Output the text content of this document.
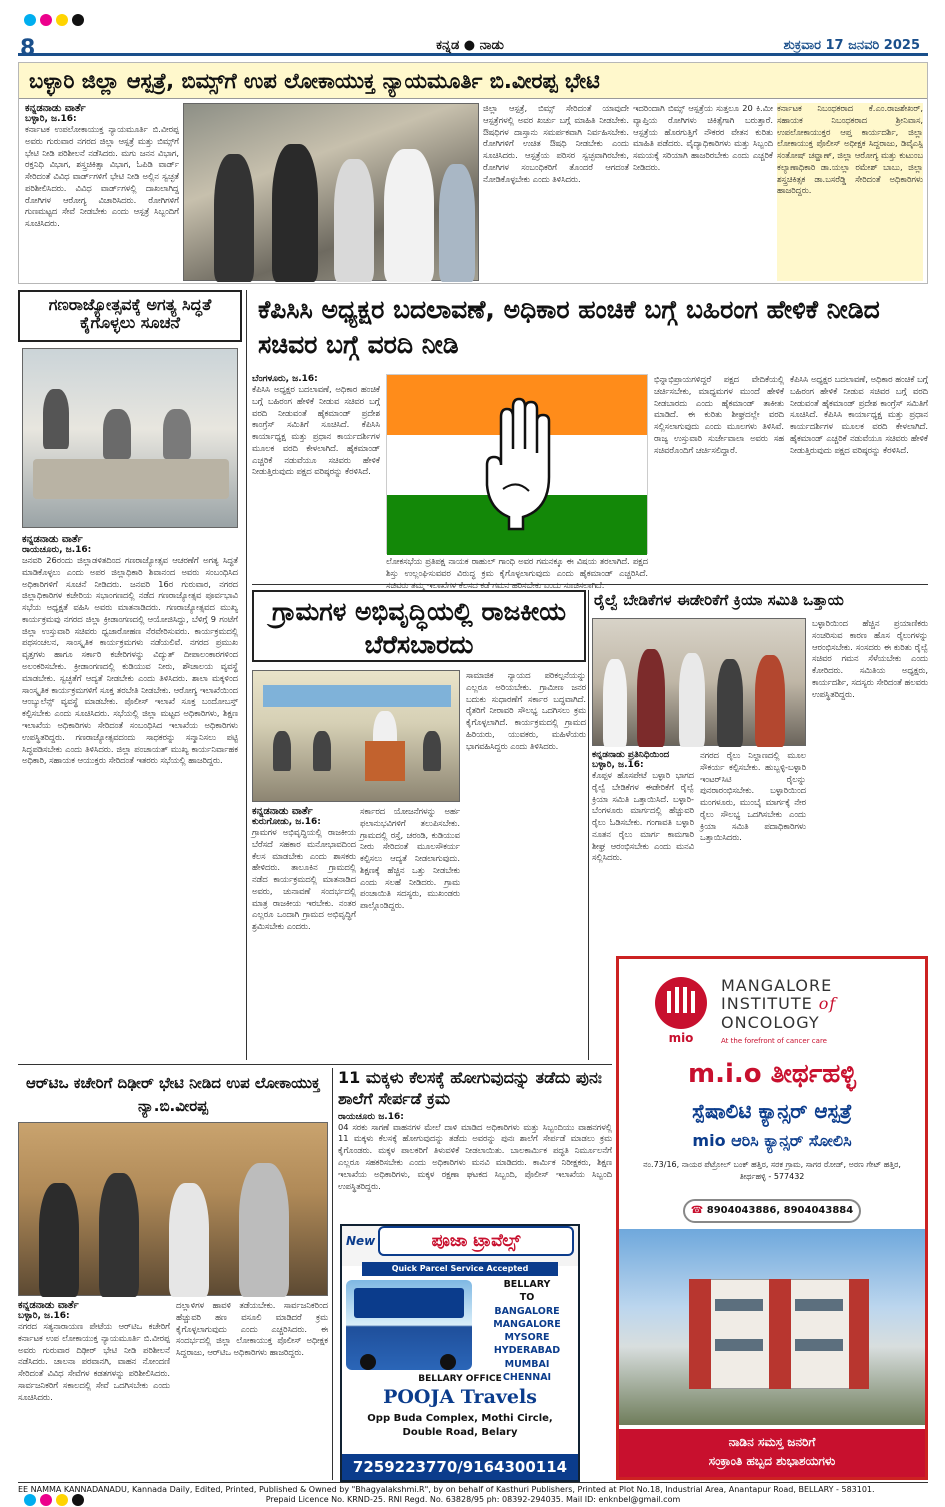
8	ಕನ್ನಡ ● ನಾಡು	ಶುಕ್ರವಾರ 17 ಜನವರಿ 2025
ಬಳ್ಳಾರಿ ಜಿಲ್ಲಾ ಆಸ್ಪತ್ರೆ, ಬಿಮ್ಸ್‌ಗೆ ಉಪ ಲೋಕಾಯುಕ್ತ ನ್ಯಾಯಮೂರ್ತಿ ಬಿ.ವೀರಪ್ಪ ಭೇಟಿ
ಕನ್ನಡನಾಡು ವಾರ್ತೆ
ಬಳ್ಳಾರಿ, ಜ.16:
ಕರ್ನಾಟಕ ಉಪಲೋಕಾಯುಕ್ತ ನ್ಯಾಯಮೂರ್ತಿ ಬಿ.ವೀರಪ್ಪ ಅವರು ಗುರುವಾರ ನಗರದ ಜಿಲ್ಲಾ ಆಸ್ಪತ್ರೆ ಮತ್ತು ಬಿಮ್ಸ್‌ಗೆ ಭೇಟಿ ನೀಡಿ ಪರಿಶೀಲನೆ ನಡೆಸಿದರು. ಮಗು ಜನನ ವಿಭಾಗ, ರಕ್ತನಿಧಿ ವಿಭಾಗ, ಶಸ್ತ್ರಚಿಕಿತ್ಸಾ ವಿಭಾಗ, ಓಪಿಡಿ ವಾರ್ಡ್ ಸೇರಿದಂತೆ ವಿವಿಧ ವಾರ್ಡ್‌ಗಳಿಗೆ ಭೇಟಿ ನೀಡಿ ಅಲ್ಲಿನ ಸ್ವಚ್ಛತೆ ಪರಿಶೀಲಿಸಿದರು. ವಿವಿಧ ವಾರ್ಡ್‌ಗಳಲ್ಲಿ ದಾಖಲಾಗಿದ್ದ ರೋಗಿಗಳ ಆರೋಗ್ಯ ವಿಚಾರಿಸಿದರು. ರೋಗಿಗಳಿಗೆ ಗುಣಮಟ್ಟದ ಸೇವೆ ನೀಡಬೇಕು ಎಂದು ಆಸ್ಪತ್ರೆ ಸಿಬ್ಬಂದಿಗೆ ಸೂಚಿಸಿದರು.
ಜಿಲ್ಲಾ ಆಸ್ಪತ್ರೆ, ಬಿಮ್ಸ್ ಸೇರಿದಂತೆ ಯಾವುದೇ ಆಸ್ಪತ್ರೆಗಳಲ್ಲಿ ಅವರ ಖರ್ಚು ಬಗ್ಗೆ ಮಾಹಿತಿ ನೀಡಬೇಕು. ಔಷಧಿಗಳ ದಾಸ್ತಾನು ಸಮರ್ಪಕವಾಗಿ ನಿರ್ವಹಿಸಬೇಕು. ರೋಗಿಗಳಿಗೆ ಉಚಿತ ಔಷಧಿ ನೀಡಬೇಕು ಎಂದು ಸೂಚಿಸಿದರು. ಆಸ್ಪತ್ರೆಯ ಪರಿಸರ ಸ್ವಚ್ಛವಾಗಿರಬೇಕು, ರೋಗಿಗಳ ಸಂಬಂಧಿಕರಿಗೆ ತೊಂದರೆ ಆಗದಂತೆ ನೋಡಿಕೊಳ್ಳಬೇಕು ಎಂದು ತಿಳಿಸಿದರು.
ಇದರಿಂದಾಗಿ ಬಿಮ್ಸ್ ಆಸ್ಪತ್ರೆಯ ಸುತ್ತಲೂ 20 ಕಿ.ಮೀ ವ್ಯಾಪ್ತಿಯ ರೋಗಿಗಳು ಚಿಕಿತ್ಸೆಗಾಗಿ ಬರುತ್ತಾರೆ. ಆಸ್ಪತ್ರೆಯ ಹೊರಗುತ್ತಿಗೆ ನೌಕರರ ವೇತನ ಕುರಿತು ಮಾಹಿತಿ ಪಡೆದರು. ವೈದ್ಯಾಧಿಕಾರಿಗಳು ಮತ್ತು ಸಿಬ್ಬಂದಿ ಸಮಯಕ್ಕೆ ಸರಿಯಾಗಿ ಹಾಜರಿರಬೇಕು ಎಂದು ಎಚ್ಚರಿಕೆ ನೀಡಿದರು.
ಕರ್ನಾಟಕ ನಿಬಂಧಕರಾದ ಕೆ.ಎಂ.ರಾಜಶೇಖರ್, ಸಹಾಯಕ ನಿಬಂಧಕರಾದ ಶ್ರೀನಿವಾಸ, ಉಪಲೋಕಾಯುಕ್ತರ ಆಪ್ತ ಕಾರ್ಯದರ್ಶಿ, ಜಿಲ್ಲಾ ಲೋಕಾಯುಕ್ತ ಪೊಲೀಸ್ ಅಧೀಕ್ಷಕ ಸಿದ್ದರಾಜು, ಡಿವೈಎಸ್ಪಿ ಸಂತೋಷ್ ಚವ್ಹಾಣ್, ಜಿಲ್ಲಾ ಆರೋಗ್ಯ ಮತ್ತು ಕುಟುಂಬ ಕಲ್ಯಾಣಾಧಿಕಾರಿ ಡಾ.ಯಲ್ಲಾ ರಮೇಶ್ ಬಾಬು, ಜಿಲ್ಲಾ ಶಸ್ತ್ರಚಿಕಿತ್ಸಕ ಡಾ.ಬಸರೆಡ್ಡಿ ಸೇರಿದಂತೆ ಅಧಿಕಾರಿಗಳು ಹಾಜರಿದ್ದರು.
ಗಣರಾಜ್ಯೋತ್ಸವಕ್ಕೆ ಅಗತ್ಯ ಸಿದ್ಧತೆ ಕೈಗೊಳ್ಳಲು ಸೂಚನೆ
ಕನ್ನಡನಾಡು ವಾರ್ತೆ
ರಾಯಚೂರು, ಜ.16:
ಜನವರಿ 26ರಂದು ಜಿಲ್ಲಾಡಳಿತದಿಂದ ಗಣರಾಜ್ಯೋತ್ಸವ ಆಚರಣೆಗೆ ಅಗತ್ಯ ಸಿದ್ಧತೆ ಮಾಡಿಕೊಳ್ಳಲು ಎಂದು ಅಪರ ಜಿಲ್ಲಾಧಿಕಾರಿ ಶಿವಾನಂದ ಅವರು ಸಂಬಂಧಿಸಿದ ಅಧಿಕಾರಿಗಳಿಗೆ ಸೂಚನೆ ನೀಡಿದರು. ಜನವರಿ 16ರ ಗುರುವಾರ, ನಗರದ ಜಿಲ್ಲಾಧಿಕಾರಿಗಳ ಕಚೇರಿಯ ಸಭಾಂಗಣದಲ್ಲಿ ನಡೆದ ಗಣರಾಜ್ಯೋತ್ಸವ ಪೂರ್ವಭಾವಿ ಸಭೆಯ ಅಧ್ಯಕ್ಷತೆ ವಹಿಸಿ ಅವರು ಮಾತನಾಡಿದರು. ಗಣರಾಜ್ಯೋತ್ಸವದ ಮುಖ್ಯ ಕಾರ್ಯಕ್ರಮವು ನಗರದ ಜಿಲ್ಲಾ ಕ್ರೀಡಾಂಗಣದಲ್ಲಿ ಆಯೋಜಿಸಿದ್ದು, ಬೆಳಿಗ್ಗೆ 9 ಗಂಟೆಗೆ ಜಿಲ್ಲಾ ಉಸ್ತುವಾರಿ ಸಚಿವರು ಧ್ವಜಾರೋಹಣ ನೆರವೇರಿಸುವರು. ಕಾರ್ಯಕ್ರಮದಲ್ಲಿ ಪಥಸಂಚಲನ, ಸಾಂಸ್ಕೃತಿಕ ಕಾರ್ಯಕ್ರಮಗಳು ನಡೆಯಲಿವೆ. ನಗರದ ಪ್ರಮುಖ ವೃತ್ತಗಳು ಹಾಗೂ ಸರ್ಕಾರಿ ಕಚೇರಿಗಳನ್ನು ವಿದ್ಯುತ್ ದೀಪಾಲಂಕಾರಗಳಿಂದ ಅಲಂಕರಿಸಬೇಕು. ಕ್ರೀಡಾಂಗಣದಲ್ಲಿ ಕುಡಿಯುವ ನೀರು, ಶೌಚಾಲಯ ವ್ಯವಸ್ಥೆ ಮಾಡಬೇಕು. ಸ್ವಚ್ಛತೆಗೆ ಆದ್ಯತೆ ನೀಡಬೇಕು ಎಂದು ತಿಳಿಸಿದರು. ಶಾಲಾ ಮಕ್ಕಳಿಂದ ಸಾಂಸ್ಕೃತಿಕ ಕಾರ್ಯಕ್ರಮಗಳಿಗೆ ಸೂಕ್ತ ತರಬೇತಿ ನೀಡಬೇಕು. ಆರೋಗ್ಯ ಇಲಾಖೆಯಿಂದ ಆಂಬ್ಯುಲೆನ್ಸ್ ವ್ಯವಸ್ಥೆ ಮಾಡಬೇಕು. ಪೊಲೀಸ್ ಇಲಾಖೆ ಸೂಕ್ತ ಬಂದೋಬಸ್ತ್ ಕಲ್ಪಿಸಬೇಕು ಎಂದು ಸೂಚಿಸಿದರು. ಸಭೆಯಲ್ಲಿ ಜಿಲ್ಲಾ ಮಟ್ಟದ ಅಧಿಕಾರಿಗಳು, ಶಿಕ್ಷಣ ಇಲಾಖೆಯ ಅಧಿಕಾರಿಗಳು ಸೇರಿದಂತೆ ಸಂಬಂಧಿಸಿದ ಇಲಾಖೆಯ ಅಧಿಕಾರಿಗಳು ಉಪಸ್ಥಿತರಿದ್ದರು. ಗಣರಾಜ್ಯೋತ್ಸವದಂದು ಸಾಧಕರನ್ನು ಸನ್ಮಾನಿಸಲು ಪಟ್ಟಿ ಸಿದ್ಧಪಡಿಸಬೇಕು ಎಂದು ತಿಳಿಸಿದರು. ಜಿಲ್ಲಾ ಪಂಚಾಯತ್ ಮುಖ್ಯ ಕಾರ್ಯನಿರ್ವಾಹಕ ಅಧಿಕಾರಿ, ಸಹಾಯಕ ಆಯುಕ್ತರು ಸೇರಿದಂತೆ ಇತರರು ಸಭೆಯಲ್ಲಿ ಹಾಜರಿದ್ದರು.
ಕೆಪಿಸಿಸಿ ಅಧ್ಯಕ್ಷರ ಬದಲಾವಣೆ, ಅಧಿಕಾರ ಹಂಚಿಕೆ ಬಗ್ಗೆ ಬಹಿರಂಗ ಹೇಳಿಕೆ ನೀಡಿದ ಸಚಿವರ ಬಗ್ಗೆ ವರದಿ ನೀಡಿ
ಬೆಂಗಳೂರು, ಜ.16:
ಕೆಪಿಸಿಸಿ ಅಧ್ಯಕ್ಷರ ಬದಲಾವಣೆ, ಅಧಿಕಾರ ಹಂಚಿಕೆ ಬಗ್ಗೆ ಬಹಿರಂಗ ಹೇಳಿಕೆ ನೀಡುವ ಸಚಿವರ ಬಗ್ಗೆ ವರದಿ ನೀಡುವಂತೆ ಹೈಕಮಾಂಡ್ ಪ್ರದೇಶ ಕಾಂಗ್ರೆಸ್ ಸಮಿತಿಗೆ ಸೂಚಿಸಿದೆ. ಕೆಪಿಸಿಸಿ ಕಾರ್ಯಾಧ್ಯಕ್ಷ ಮತ್ತು ಪ್ರಧಾನ ಕಾರ್ಯದರ್ಶಿಗಳ ಮೂಲಕ ವರದಿ ಕೇಳಲಾಗಿದೆ. ಹೈಕಮಾಂಡ್ ಎಚ್ಚರಿಕೆ ನಡುವೆಯೂ ಸಚಿವರು ಹೇಳಿಕೆ ನೀಡುತ್ತಿರುವುದು ಪಕ್ಷದ ವರಿಷ್ಠರನ್ನು ಕೆರಳಿಸಿದೆ.
ಲೋಕಸಭೆಯ ಪ್ರತಿಪಕ್ಷ ನಾಯಕ ರಾಹುಲ್ ಗಾಂಧಿ ಅವರ ಗಮನಕ್ಕೂ ಈ ವಿಷಯ ತರಲಾಗಿದೆ. ಪಕ್ಷದ ಶಿಸ್ತು ಉಲ್ಲಂಘಿಸುವವರ ವಿರುದ್ಧ ಕ್ರಮ ಕೈಗೊಳ್ಳಲಾಗುವುದು ಎಂದು ಹೈಕಮಾಂಡ್ ಎಚ್ಚರಿಸಿದೆ.
ಭಿನ್ನಾಭಿಪ್ರಾಯಗಳಿದ್ದರೆ ಪಕ್ಷದ ವೇದಿಕೆಯಲ್ಲಿ ಚರ್ಚಿಸಬೇಕು, ಮಾಧ್ಯಮಗಳ ಮುಂದೆ ಹೇಳಿಕೆ ನೀಡಬಾರದು ಎಂದು ಹೈಕಮಾಂಡ್ ತಾಕೀತು ಮಾಡಿದೆ. ಈ ಕುರಿತು ಶೀಘ್ರದಲ್ಲೇ ವರದಿ ಸಲ್ಲಿಸಲಾಗುವುದು ಎಂದು ಮೂಲಗಳು ತಿಳಿಸಿವೆ. ರಾಜ್ಯ ಉಸ್ತುವಾರಿ ಸುರ್ಜೇವಾಲಾ ಅವರು ಸಹ ಸಚಿವರೊಂದಿಗೆ ಚರ್ಚಿಸಲಿದ್ದಾರೆ.
ಕೆಪಿಸಿಸಿ ಅಧ್ಯಕ್ಷರ ಬದಲಾವಣೆ, ಅಧಿಕಾರ ಹಂಚಿಕೆ ಬಗ್ಗೆ ಬಹಿರಂಗ ಹೇಳಿಕೆ ನೀಡುವ ಸಚಿವರ ಬಗ್ಗೆ ವರದಿ ನೀಡುವಂತೆ ಹೈಕಮಾಂಡ್ ಪ್ರದೇಶ ಕಾಂಗ್ರೆಸ್ ಸಮಿತಿಗೆ ಸೂಚಿಸಿದೆ. ಕೆಪಿಸಿಸಿ ಕಾರ್ಯಾಧ್ಯಕ್ಷ ಮತ್ತು ಪ್ರಧಾನ ಕಾರ್ಯದರ್ಶಿಗಳ ಮೂಲಕ ವರದಿ ಕೇಳಲಾಗಿದೆ. ಹೈಕಮಾಂಡ್ ಎಚ್ಚರಿಕೆ ನಡುವೆಯೂ ಸಚಿವರು ಹೇಳಿಕೆ ನೀಡುತ್ತಿರುವುದು ಪಕ್ಷದ ವರಿಷ್ಠರನ್ನು ಕೆರಳಿಸಿದೆ.
ಗ್ರಾಮಗಳ ಅಭಿವೃದ್ಧಿಯಲ್ಲಿ ರಾಜಕೀಯ ಬೆರೆಸಬಾರದು
ಕನ್ನಡನಾಡು ವಾರ್ತೆ
ಕುರುಗೋಡು, ಜ.16:
ಗ್ರಾಮಗಳ ಅಭಿವೃದ್ಧಿಯಲ್ಲಿ ರಾಜಕೀಯ ಬೆರೆಸದೆ ಸಹಕಾರ ಮನೋಭಾವದಿಂದ ಕೆಲಸ ಮಾಡಬೇಕು ಎಂದು ಶಾಸಕರು ಹೇಳಿದರು. ತಾಲೂಕಿನ ಗ್ರಾಮದಲ್ಲಿ ನಡೆದ ಕಾರ್ಯಕ್ರಮದಲ್ಲಿ ಮಾತನಾಡಿದ ಅವರು, ಚುನಾವಣೆ ಸಂದರ್ಭದಲ್ಲಿ ಮಾತ್ರ ರಾಜಕೀಯ ಇರಬೇಕು. ನಂತರ ಎಲ್ಲರೂ ಒಂದಾಗಿ ಗ್ರಾಮದ ಅಭಿವೃದ್ಧಿಗೆ ಶ್ರಮಿಸಬೇಕು ಎಂದರು.
ಸರ್ಕಾರದ ಯೋಜನೆಗಳನ್ನು ಅರ್ಹ ಫಲಾನುಭವಿಗಳಿಗೆ ತಲುಪಿಸಬೇಕು. ಗ್ರಾಮದಲ್ಲಿ ರಸ್ತೆ, ಚರಂಡಿ, ಕುಡಿಯುವ ನೀರು ಸೇರಿದಂತೆ ಮೂಲಸೌಕರ್ಯ ಕಲ್ಪಿಸಲು ಆದ್ಯತೆ ನೀಡಲಾಗುವುದು. ಶಿಕ್ಷಣಕ್ಕೆ ಹೆಚ್ಚಿನ ಒತ್ತು ನೀಡಬೇಕು ಎಂದು ಸಲಹೆ ನೀಡಿದರು. ಗ್ರಾಮ ಪಂಚಾಯಿತಿ ಸದಸ್ಯರು, ಮುಖಂಡರು ಪಾಲ್ಗೊಂಡಿದ್ದರು.
ಸಾಮಾಜಿಕ ನ್ಯಾಯದ ಪರಿಕಲ್ಪನೆಯನ್ನು ಎಲ್ಲರೂ ಅರಿಯಬೇಕು. ಗ್ರಾಮೀಣ ಜನರ ಬದುಕು ಸುಧಾರಣೆಗೆ ಸರ್ಕಾರ ಬದ್ಧವಾಗಿದೆ. ರೈತರಿಗೆ ನೀರಾವರಿ ಸೌಲಭ್ಯ ಒದಗಿಸಲು ಕ್ರಮ ಕೈಗೊಳ್ಳಲಾಗಿದೆ. ಕಾರ್ಯಕ್ರಮದಲ್ಲಿ ಗ್ರಾಮದ ಹಿರಿಯರು, ಯುವಕರು, ಮಹಿಳೆಯರು ಭಾಗವಹಿಸಿದ್ದರು ಎಂದು ತಿಳಿಸಿದರು.
ರೈಲ್ವೆ ಬೇಡಿಕೆಗಳ ಈಡೇರಿಕೆಗೆ ಕ್ರಿಯಾ ಸಮಿತಿ ಒತ್ತಾಯ
ಕನ್ನಡನಾಡು ಪ್ರತಿನಿಧಿಯಿಂದ
ಬಳ್ಳಾರಿ, ಜ.16:
ಕೊಪ್ಪಳ ಹೊಸಪೇಟೆ ಬಳ್ಳಾರಿ ಭಾಗದ ರೈಲ್ವೆ ಬೇಡಿಕೆಗಳ ಈಡೇರಿಕೆಗೆ ರೈಲ್ವೆ ಕ್ರಿಯಾ ಸಮಿತಿ ಒತ್ತಾಯಿಸಿದೆ. ಬಳ್ಳಾರಿ-ಬೆಂಗಳೂರು ಮಾರ್ಗದಲ್ಲಿ ಹೆಚ್ಚುವರಿ ರೈಲು ಓಡಿಸಬೇಕು. ಗಂಗಾವತಿ ಬಳ್ಳಾರಿ ನೂತನ ರೈಲು ಮಾರ್ಗ ಕಾಮಗಾರಿ ಶೀಘ್ರ ಆರಂಭಿಸಬೇಕು ಎಂದು ಮನವಿ ಸಲ್ಲಿಸಿದರು.
ನಗರದ ರೈಲು ನಿಲ್ದಾಣದಲ್ಲಿ ಮೂಲ ಸೌಕರ್ಯ ಕಲ್ಪಿಸಬೇಕು. ಹುಬ್ಬಳ್ಳಿ-ಬಳ್ಳಾರಿ ಇಂಟರ್‌ಸಿಟಿ ರೈಲನ್ನು ಪುನರಾರಂಭಿಸಬೇಕು. ಬಳ್ಳಾರಿಯಿಂದ ಮಂಗಳೂರು, ಮುಂಬೈ ಮಾರ್ಗಕ್ಕೆ ನೇರ ರೈಲು ಸೌಲಭ್ಯ ಒದಗಿಸಬೇಕು ಎಂದು ಕ್ರಿಯಾ ಸಮಿತಿ ಪದಾಧಿಕಾರಿಗಳು ಒತ್ತಾಯಿಸಿದರು.
ಬಳ್ಳಾರಿಯಿಂದ ಹೆಚ್ಚಿನ ಪ್ರಯಾಣಿಕರು ಸಂಚರಿಸುವ ಕಾರಣ ಹೊಸ ರೈಲುಗಳನ್ನು ಆರಂಭಿಸಬೇಕು. ಸಂಸದರು ಈ ಕುರಿತು ರೈಲ್ವೆ ಸಚಿವರ ಗಮನ ಸೆಳೆಯಬೇಕು ಎಂದು ಕೋರಿದರು. ಸಮಿತಿಯ ಅಧ್ಯಕ್ಷರು, ಕಾರ್ಯದರ್ಶಿ, ಸದಸ್ಯರು ಸೇರಿದಂತೆ ಹಲವರು ಉಪಸ್ಥಿತರಿದ್ದರು.
ಆರ್‌ಟಿಒ ಕಚೇರಿಗೆ ದಿಢೀರ್ ಭೇಟಿ ನೀಡಿದ ಉಪ ಲೋಕಾಯುಕ್ತ ನ್ಯಾ.ಬಿ.ವೀರಪ್ಪ
ಕನ್ನಡನಾಡು ವಾರ್ತೆ
ಬಳ್ಳಾರಿ, ಜ.16:
ನಗರದ ಸತ್ಯನಾರಾಯಣ ಪೇಟೆಯ ಆರ್‌ಟಿಒ ಕಚೇರಿಗೆ ಕರ್ನಾಟಕ ಉಪ ಲೋಕಾಯುಕ್ತ ನ್ಯಾಯಮೂರ್ತಿ ಬಿ.ವೀರಪ್ಪ ಅವರು ಗುರುವಾರ ದಿಢೀರ್ ಭೇಟಿ ನೀಡಿ ಪರಿಶೀಲನೆ ನಡೆಸಿದರು. ಚಾಲನಾ ಪರವಾನಗಿ, ವಾಹನ ನೋಂದಣಿ ಸೇರಿದಂತೆ ವಿವಿಧ ಸೇವೆಗಳ ಕಡತಗಳನ್ನು ಪರಿಶೀಲಿಸಿದರು. ಸಾರ್ವಜನಿಕರಿಗೆ ಸಕಾಲದಲ್ಲಿ ಸೇವೆ ಒದಗಿಸಬೇಕು ಎಂದು ಸೂಚಿಸಿದರು.
ದಲ್ಲಾಳಿಗಳ ಹಾವಳಿ ತಡೆಯಬೇಕು. ಸಾರ್ವಜನಿಕರಿಂದ ಹೆಚ್ಚುವರಿ ಹಣ ವಸೂಲಿ ಮಾಡಿದರೆ ಕ್ರಮ ಕೈಗೊಳ್ಳಲಾಗುವುದು ಎಂದು ಎಚ್ಚರಿಸಿದರು. ಈ ಸಂದರ್ಭದಲ್ಲಿ ಜಿಲ್ಲಾ ಲೋಕಾಯುಕ್ತ ಪೊಲೀಸ್ ಅಧೀಕ್ಷಕ ಸಿದ್ದರಾಜು, ಆರ್‌ಟಿಒ ಅಧಿಕಾರಿಗಳು ಹಾಜರಿದ್ದರು.
11 ಮಕ್ಕಳು ಕೆಲಸಕ್ಕೆ ಹೋಗುವುದನ್ನು ತಡೆದು ಪುನಃ ಶಾಲೆಗೆ ಸೇರ್ಪಡೆ ಕ್ರಮ
ರಾಯಚೂರು ಜ.16:
04 ಸರಕು ಸಾಗಣೆ ವಾಹನಗಳ ಮೇಲೆ ದಾಳಿ ಮಾಡಿದ ಅಧಿಕಾರಿಗಳು ಮತ್ತು ಸಿಬ್ಬಂದಿಯು ವಾಹನಗಳಲ್ಲಿ 11 ಮಕ್ಕಳು ಕೆಲಸಕ್ಕೆ ಹೋಗುವುದನ್ನು ತಡೆದು ಅವರನ್ನು ಪುನಃ ಶಾಲೆಗೆ ಸೇರ್ಪಡೆ ಮಾಡಲು ಕ್ರಮ ಕೈಗೊಂಡರು. ಮಕ್ಕಳ ಪಾಲಕರಿಗೆ ತಿಳುವಳಿಕೆ ನೀಡಲಾಯಿತು. ಬಾಲಕಾರ್ಮಿಕ ಪದ್ಧತಿ ನಿರ್ಮೂಲನೆಗೆ ಎಲ್ಲರೂ ಸಹಕರಿಸಬೇಕು ಎಂದು ಅಧಿಕಾರಿಗಳು ಮನವಿ ಮಾಡಿದರು. ಕಾರ್ಮಿಕ ನಿರೀಕ್ಷಕರು, ಶಿಕ್ಷಣ ಇಲಾಖೆಯ ಅಧಿಕಾರಿಗಳು, ಮಕ್ಕಳ ರಕ್ಷಣಾ ಘಟಕದ ಸಿಬ್ಬಂದಿ, ಪೊಲೀಸ್ ಇಲಾಖೆಯ ಸಿಬ್ಬಂದಿ ಉಪಸ್ಥಿತರಿದ್ದರು.
New	ಪೂಜಾ ಟ್ರಾವೆಲ್ಸ್
Quick Parcel Service Accepted
BELLARY
TO
BANGALORE
MANGALORE
MYSORE
HYDERABAD
MUMBAI
CHENNAI
BELLARY OFFICE
POOJA Travels
Opp Buda Complex, Mothi Circle, Double Road, Belary
7259223770/9164300114
mio
MANGALORE
INSTITUTE of
ONCOLOGY
At the forefront of cancer care
m.i.o ತೀರ್ಥಹಳ್ಳಿ
ಸ್ಪೆಷಾಲಿಟಿ ಕ್ಯಾನ್ಸರ್ ಆಸ್ಪತ್ರೆ
mio ಆರಿಸಿ ಕ್ಯಾನ್ಸರ್ ಸೋಲಿಸಿ
ನಂ.73/16, ನಾಯರ ಪೆಟ್ರೋಲ್ ಬಂಕ್ ಹತ್ತಿರ, ಸರಕ ಗ್ರಾಮ, ಸಾಗರ ರೋಡ್, ಅರಣ ಗೇಟ್ ಹತ್ತಿರ, ತೀರ್ಥಹಳ್ಳಿ - 577432
☎ 8904043886, 8904043884
ನಾಡಿನ ಸಮಸ್ತ ಜನರಿಗೆ
ಸಂಕ್ರಾಂತಿ ಹಬ್ಬದ ಶುಭಾಶಯಗಳು
EE NAMMA KANNADANADU, Kannada Daily, Edited, Printed, Published & Owned by "Bhagyalakshmi.R", by on behalf of Kasthuri Publishers, Printed at Plot No.18, Industrial Area, Anantapur Road, BELLARY - 583101.
Prepaid Licence No. KRND-25. RNI Regd. No. 63828/95 ph: 08392-294035. Mail ID: enknbel@gmail.com
